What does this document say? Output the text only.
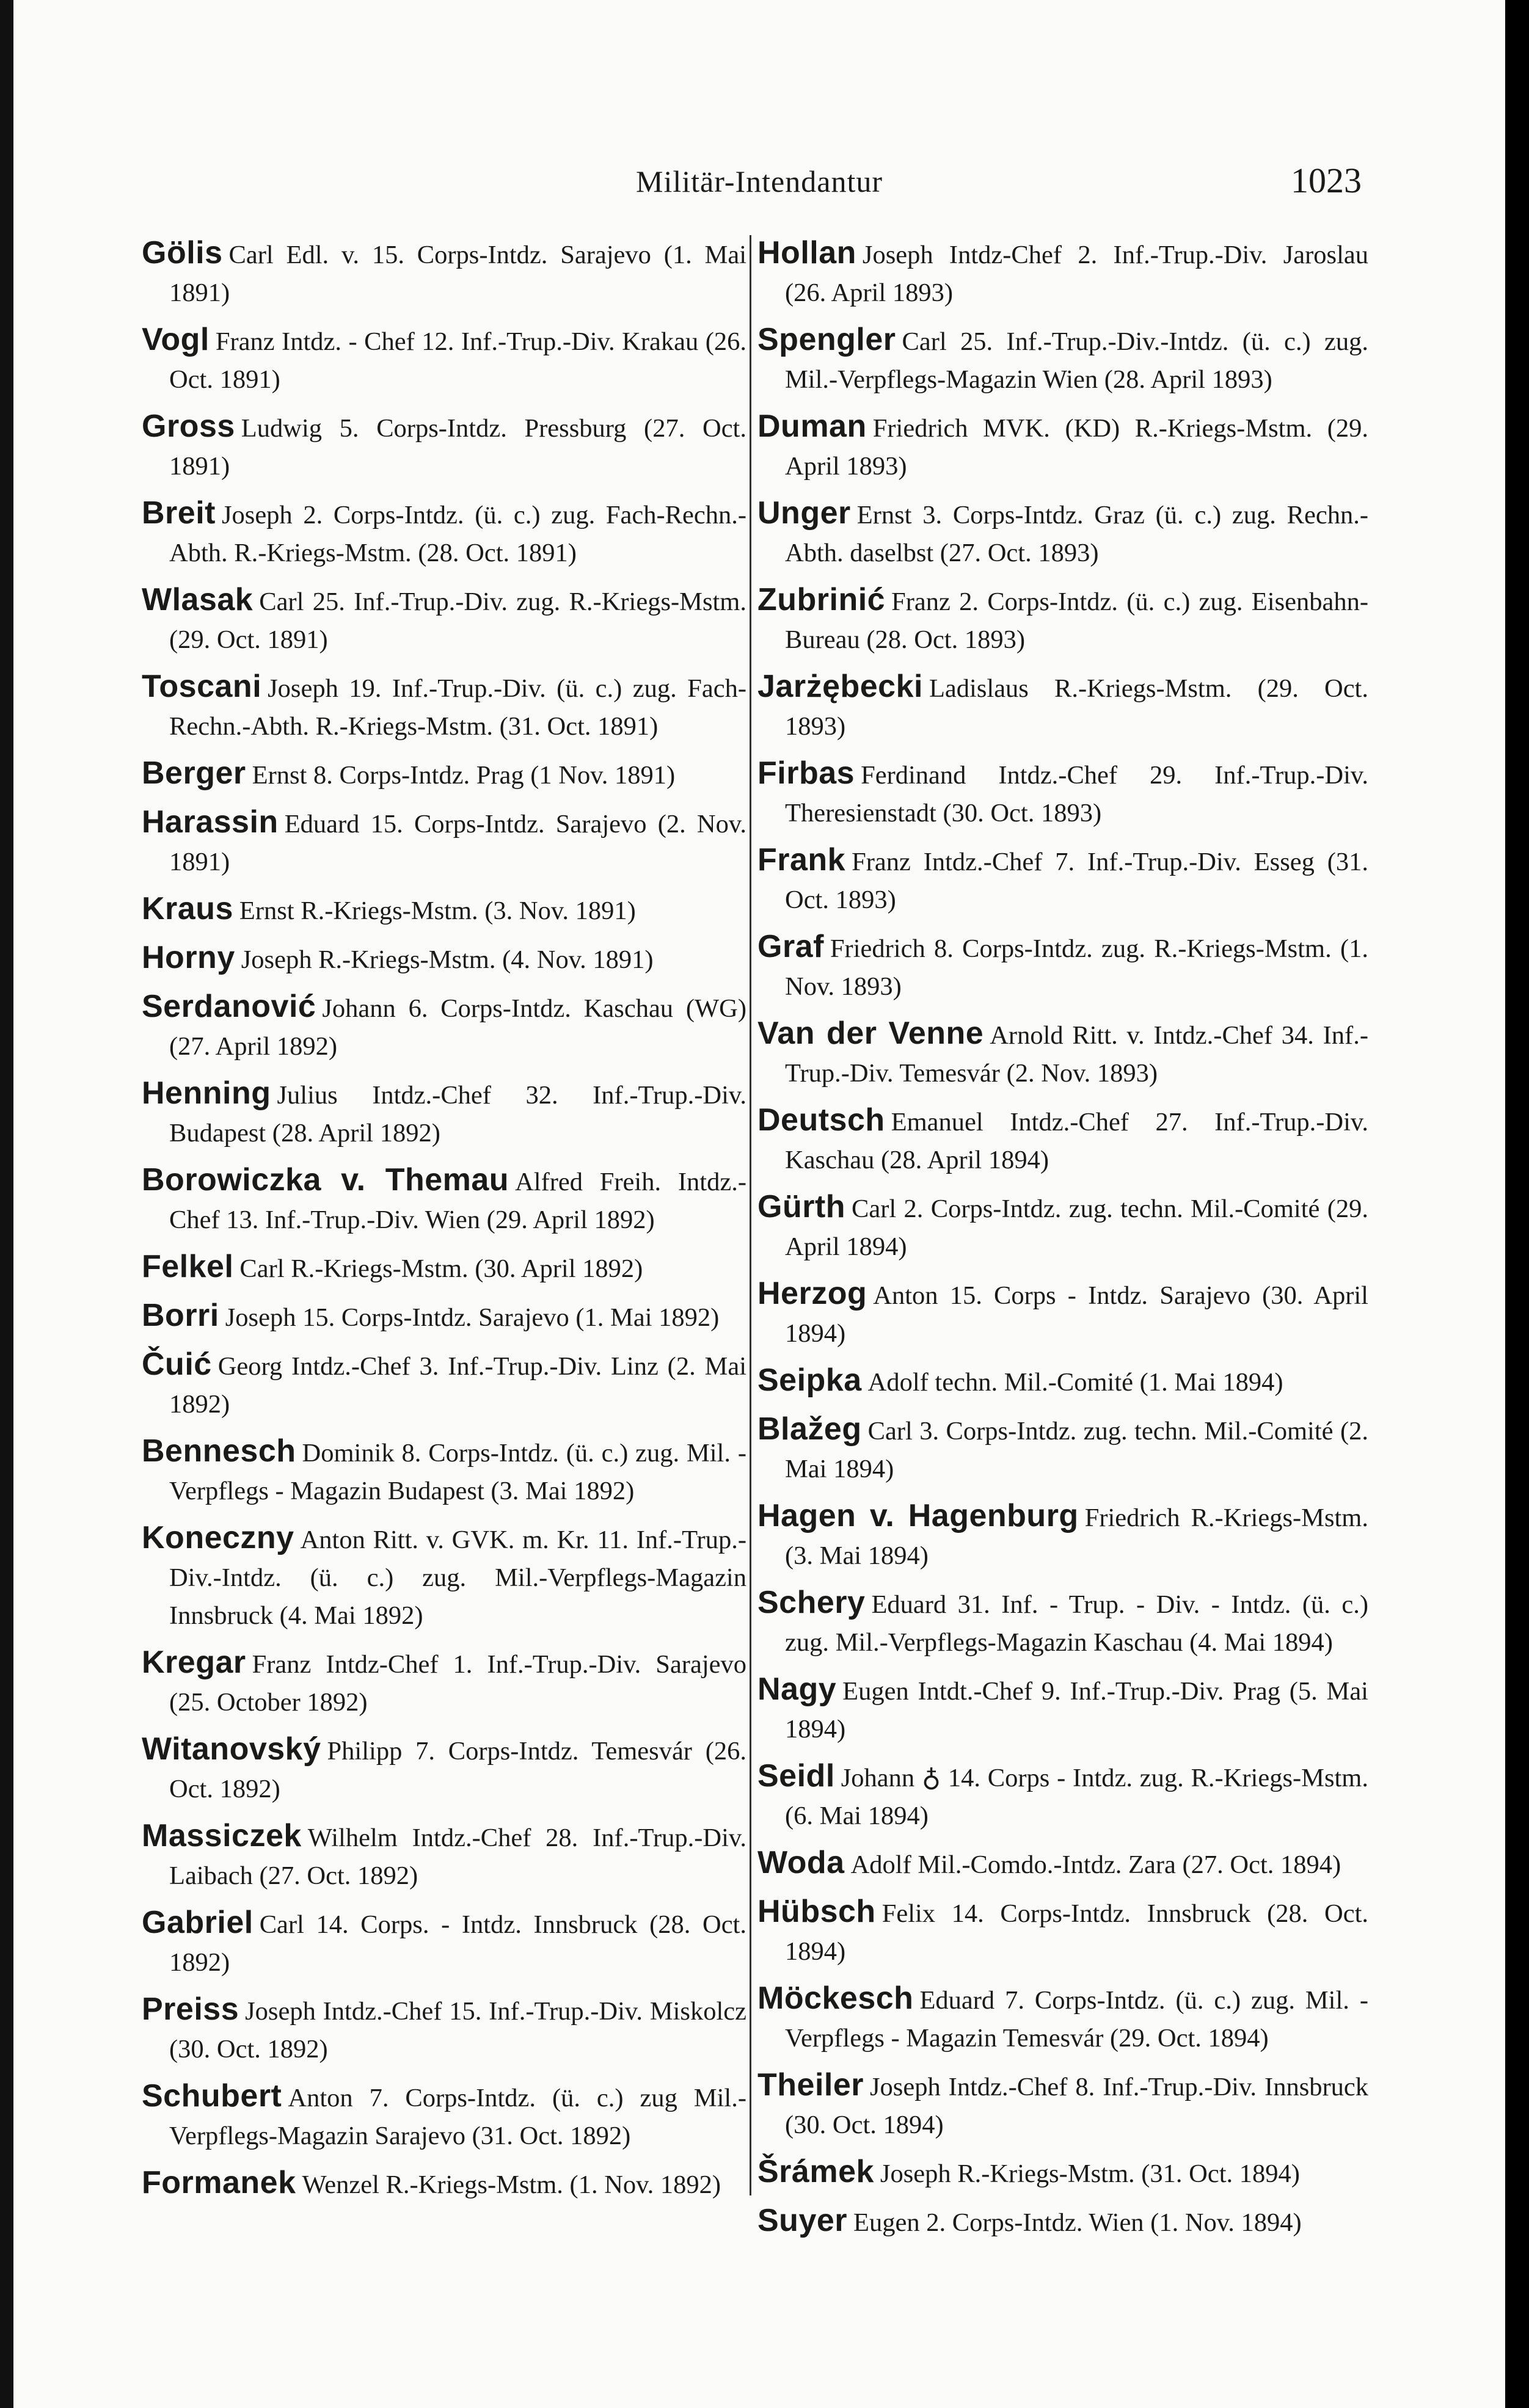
Militär-Intendantur	1023
Gölis Carl Edl. v. 15. Corps-Intdz. Sarajevo (1. Mai 1891)
Vogl Franz Intdz. - Chef 12. Inf.-Trup.-Div. Krakau (26. Oct. 1891)
Gross Ludwig 5. Corps-Intdz. Pressburg (27. Oct. 1891)
Breit Joseph 2. Corps-Intdz. (ü. c.) zug. Fach-Rechn.-Abth. R.-Kriegs-Mstm. (28. Oct. 1891)
Wlasak Carl 25. Inf.-Trup.-Div. zug. R.-Kriegs-Mstm. (29. Oct. 1891)
Toscani Joseph 19. Inf.-Trup.-Div. (ü. c.) zug. Fach-Rechn.-Abth. R.-Kriegs-Mstm. (31. Oct. 1891)
Berger Ernst 8. Corps-Intdz. Prag (1 Nov. 1891)
Harassin Eduard 15. Corps-Intdz. Sarajevo (2. Nov. 1891)
Kraus Ernst R.-Kriegs-Mstm. (3. Nov. 1891)
Horny Joseph R.-Kriegs-Mstm. (4. Nov. 1891)
Serdanović Johann 6. Corps-Intdz. Kaschau (WG) (27. April 1892)
Henning Julius Intdz.-Chef 32. Inf.-Trup.-Div. Budapest (28. April 1892)
Borowiczka v. Themau Alfred Freih. Intdz.-Chef 13. Inf.-Trup.-Div. Wien (29. April 1892)
Felkel Carl R.-Kriegs-Mstm. (30. April 1892)
Borri Joseph 15. Corps-Intdz. Sarajevo (1. Mai 1892)
Čuić Georg Intdz.-Chef 3. Inf.-Trup.-Div. Linz (2. Mai 1892)
Bennesch Dominik 8. Corps-Intdz. (ü. c.) zug. Mil. - Verpflegs - Magazin Budapest (3. Mai 1892)
Koneczny Anton Ritt. v. GVK. m. Kr. 11. Inf.-Trup.-Div.-Intdz. (ü. c.) zug. Mil.-Verpflegs-Magazin Innsbruck (4. Mai 1892)
Kregar Franz Intdz-Chef 1. Inf.-Trup.-Div. Sarajevo (25. October 1892)
Witanovský Philipp 7. Corps-Intdz. Temesvár (26. Oct. 1892)
Massiczek Wilhelm Intdz.-Chef 28. Inf.-Trup.-Div. Laibach (27. Oct. 1892)
Gabriel Carl 14. Corps. - Intdz. Innsbruck (28. Oct. 1892)
Preiss Joseph Intdz.-Chef 15. Inf.-Trup.-Div. Miskolcz (30. Oct. 1892)
Schubert Anton 7. Corps-Intdz. (ü. c.) zug Mil.-Verpflegs-Magazin Sarajevo (31. Oct. 1892)
Formanek Wenzel R.-Kriegs-Mstm. (1. Nov. 1892)
Hollan Joseph Intdz-Chef 2. Inf.-Trup.-Div. Jaroslau (26. April 1893)
Spengler Carl 25. Inf.-Trup.-Div.-Intdz. (ü. c.) zug. Mil.-Verpflegs-Magazin Wien (28. April 1893)
Duman Friedrich MVK. (KD) R.-Kriegs-Mstm. (29. April 1893)
Unger Ernst 3. Corps-Intdz. Graz (ü. c.) zug. Rechn.-Abth. daselbst (27. Oct. 1893)
Zubrinić Franz 2. Corps-Intdz. (ü. c.) zug. Eisenbahn-Bureau (28. Oct. 1893)
Jarżębecki Ladislaus R.-Kriegs-Mstm. (29. Oct. 1893)
Firbas Ferdinand Intdz.-Chef 29. Inf.-Trup.-Div. Theresienstadt (30. Oct. 1893)
Frank Franz Intdz.-Chef 7. Inf.-Trup.-Div. Esseg (31. Oct. 1893)
Graf Friedrich 8. Corps-Intdz. zug. R.-Kriegs-Mstm. (1. Nov. 1893)
Van der Venne Arnold Ritt. v. Intdz.-Chef 34. Inf.-Trup.-Div. Temesvár (2. Nov. 1893)
Deutsch Emanuel Intdz.-Chef 27. Inf.-Trup.-Div. Kaschau (28. April 1894)
Gürth Carl 2. Corps-Intdz. zug. techn. Mil.-Comité (29. April 1894)
Herzog Anton 15. Corps - Intdz. Sarajevo (30. April 1894)
Seipka Adolf techn. Mil.-Comité (1. Mai 1894)
Blažeg Carl 3. Corps-Intdz. zug. techn. Mil.-Comité (2. Mai 1894)
Hagen v. Hagenburg Friedrich R.-Kriegs-Mstm. (3. Mai 1894)
Schery Eduard 31. Inf. - Trup. - Div. - Intdz. (ü. c.) zug. Mil.-Verpflegs-Magazin Kaschau (4. Mai 1894)
Nagy Eugen Intdt.-Chef 9. Inf.-Trup.-Div. Prag (5. Mai 1894)
Seidl Johann ♁ 14. Corps - Intdz. zug. R.-Kriegs-Mstm. (6. Mai 1894)
Woda Adolf Mil.-Comdo.-Intdz. Zara (27. Oct. 1894)
Hübsch Felix 14. Corps-Intdz. Innsbruck (28. Oct. 1894)
Möckesch Eduard 7. Corps-Intdz. (ü. c.) zug. Mil. - Verpflegs - Magazin Temesvár (29. Oct. 1894)
Theiler Joseph Intdz.-Chef 8. Inf.-Trup.-Div. Innsbruck (30. Oct. 1894)
Šrámek Joseph R.-Kriegs-Mstm. (31. Oct. 1894)
Suyer Eugen 2. Corps-Intdz. Wien (1. Nov. 1894)
